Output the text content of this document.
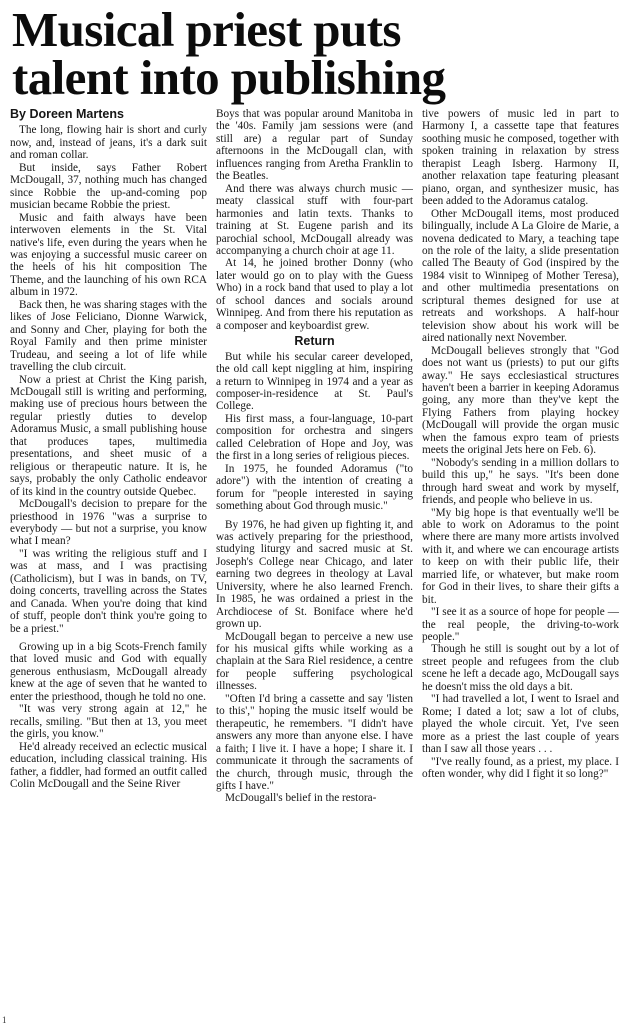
Musical priest puts
talent into publishing
By Doreen Martens

The long, flowing hair is short and curly now, and, instead of jeans, it's a dark suit and roman collar.

But inside, says Father Robert McDougall, 37, nothing much has changed since Robbie the up-and-coming pop musician became Robbie the priest.

Music and faith always have been interwoven elements in the St. Vital native's life, even during the years when he was enjoying a successful music career on the heels of his hit composition The Theme, and the launching of his own RCA album in 1972.

Back then, he was sharing stages with the likes of Jose Feliciano, Dionne Warwick, and Sonny and Cher, playing for both the Royal Family and then prime minister Trudeau, and seeing a lot of life while travelling the club circuit.

Now a priest at Christ the King parish, McDougall still is writing and performing, making use of precious hours between the regular priestly duties to develop Adoramus Music, a small publishing house that produces tapes, multimedia presentations, and sheet music of a religious or therapeutic nature. It is, he says, probably the only Catholic endeavor of its kind in the country outside Quebec.

McDougall's decision to prepare for the priesthood in 1976 "was a surprise to everybody — but not a surprise, you know what I mean?

"I was writing the religious stuff and I was at mass, and I was practising (Catholicism), but I was in bands, on TV, doing concerts, travelling across the States and Canada. When you're doing that kind of stuff, people don't think you're going to be a priest."

Growing up in a big Scots-French family that loved music and God with equally generous enthusiasm, McDougall already knew at the age of seven that he wanted to enter the priesthood, though he told no one.

"It was very strong again at 12," he recalls, smiling. "But then at 13, you meet the girls, you know."

He'd already received an eclectic musical education, including classical training. His father, a fiddler, had formed an outfit called Colin McDougall and the Seine River

Boys that was popular around Manitoba in the '40s. Family jam sessions were (and still are) a regular part of Sunday afternoons in the McDougall clan, with influences ranging from Aretha Franklin to the Beatles.

And there was always church music — meaty classical stuff with four-part harmonies and latin texts. Thanks to training at St. Eugene parish and its parochial school, McDougall already was accompanying a church choir at age 11.

At 14, he joined brother Donny (who later would go on to play with the Guess Who) in a rock band that used to play a lot of school dances and socials around Winnipeg. And from there his reputation as a composer and keyboardist grew.

Return

But while his secular career developed, the old call kept niggling at him, inspiring a return to Winnipeg in 1974 and a year as composer-in-residence at St. Paul's College.

His first mass, a four-language, 10-part composition for orchestra and singers called Celebration of Hope and Joy, was the first in a long series of religious pieces.

In 1975, he founded Adoramus ("to adore") with the intention of creating a forum for "people interested in saying something about God through music."

By 1976, he had given up fighting it, and was actively preparing for the priesthood, studying liturgy and sacred music at St. Joseph's College near Chicago, and later earning two degrees in theology at Laval University, where he also learned French. In 1985, he was ordained a priest in the Archdiocese of St. Boniface where he'd grown up.

McDougall began to perceive a new use for his musical gifts while working as a chaplain at the Sara Riel residence, a centre for people suffering psychological illnesses.

"Often I'd bring a cassette and say 'listen to this'," hoping the music itself would be therapeutic, he remembers. "I didn't have answers any more than anyone else. I have a faith; I live it. I have a hope; I share it. I communicate it through the sacraments of the church, through music, through the gifts I have."

McDougall's belief in the restora-

tive powers of music led in part to Harmony I, a cassette tape that features soothing music he composed, together with spoken training in relaxation by stress therapist Leagh Isberg. Harmony II, another relaxation tape featuring pleasant piano, organ, and synthesizer music, has been added to the Adoramus catalog.

Other McDougall items, most produced bilingually, include A La Gloire de Marie, a novena dedicated to Mary, a teaching tape on the role of the laity, a slide presentation called The Beauty of God (inspired by the 1984 visit to Winnipeg of Mother Teresa), and other multimedia presentations on scriptural themes designed for use at retreats and workshops. A half-hour television show about his work will be aired nationally next November.

McDougall believes strongly that "God does not want us (priests) to put our gifts away." He says ecclesiastical structures haven't been a barrier in keeping Adoramus going, any more than they've kept the Flying Fathers from playing hockey (McDougall will provide the organ music when the famous expro team of priests meets the original Jets here on Feb. 6).

"Nobody's sending in a million dollars to build this up," he says. "It's been done through hard sweat and work by myself, friends, and people who believe in us.

"My big hope is that eventually we'll be able to work on Adoramus to the point where there are many more artists involved with it, and where we can encourage artists to keep on with their public life, their married life, or whatever, but make room for God in their lives, to share their gifts a bit.

"I see it as a source of hope for people — the real people, the driving-to-work people."

Though he still is sought out by a lot of street people and refugees from the club scene he left a decade ago, McDougall says he doesn't miss the old days a bit.

"I had travelled a lot, I went to Israel and Rome; I dated a lot; saw a lot of clubs, played the whole circuit. Yet, I've seen more as a priest the last couple of years than I saw all those years . . .

"I've really found, as a priest, my place. I often wonder, why did I fight it so long?"

1
